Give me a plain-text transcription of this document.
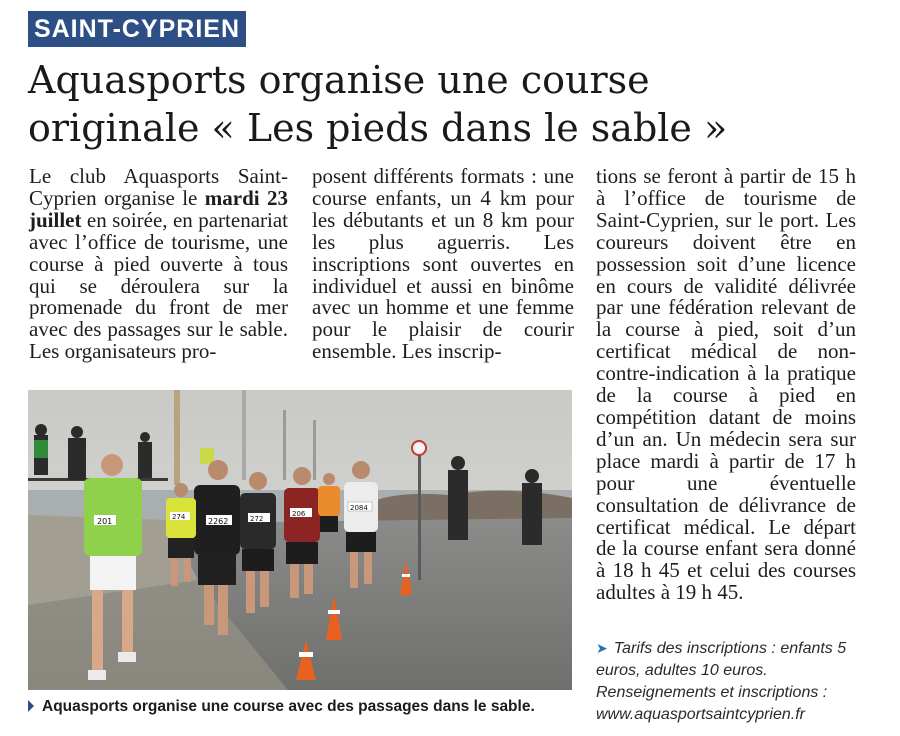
SAINT-CYPRIEN
Aquasports organise une course
originale « Les pieds dans le sable »

Le club Aquasports Saint-Cyprien organise le mardi 23 juillet en soirée, en partenariat avec l’office de tourisme, une course à pied ouverte à tous qui se déroulera sur la promenade du front de mer avec des passages sur le sable. Les organisateurs pro-

posent différents formats : une course enfants, un 4 km pour les débutants et un 8 km pour les plus aguerris. Les inscriptions sont ouvertes en individuel et aussi en binôme avec un homme et une femme pour le plaisir de courir ensemble. Les inscrip-

tions se feront à partir de 15 h à l’office de tourisme de Saint-Cyprien, sur le port. Les coureurs doivent être en possession soit d’une licence en cours de validité délivrée par une fédération relevant de la course à pied, soit d’un certificat médical de non-contre-indication à la pratique de la course à pied en compétition datant de moins d’un an. Un médecin sera sur place mardi à partir de 17 h pour une éventuelle consultation de délivrance de certificat médical. Le départ de la course enfant sera donné à 18 h 45 et celui des courses adultes à 19 h 45.

201	2262
274	272
206
2084
Aquasports organise une course avec des passages dans le sable.

➤ Tarifs des inscriptions : enfants 5 euros, adultes 10 euros.

Renseignements et inscriptions :

www.aquasportsaintcyprien.fr
